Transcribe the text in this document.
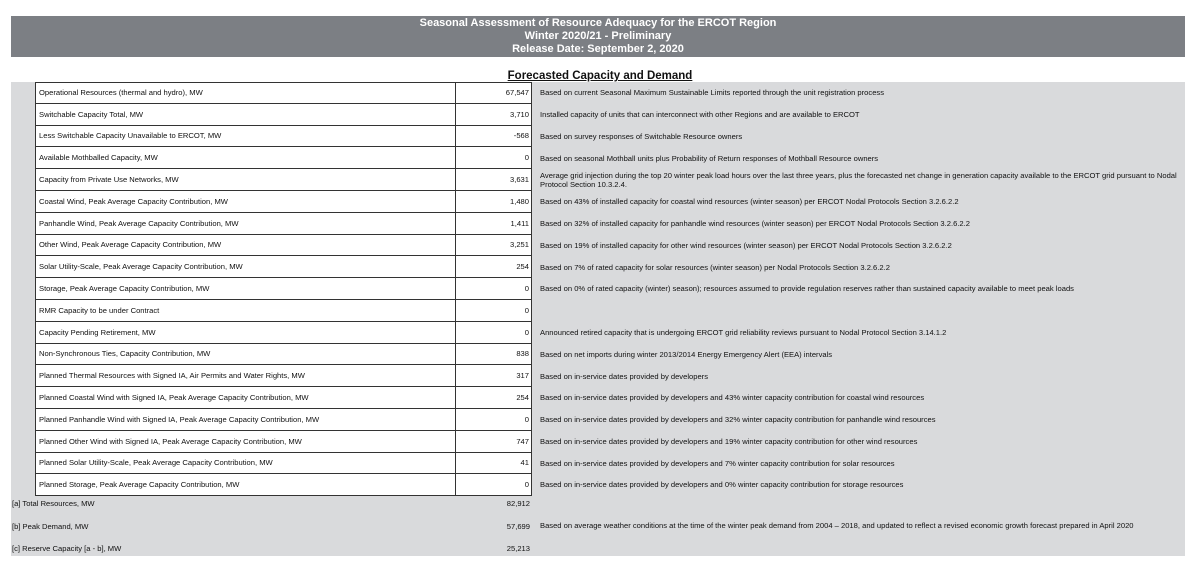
Seasonal Assessment of Resource Adequacy for the ERCOT Region
Winter 2020/21 - Preliminary
Release Date: September 2, 2020
Forecasted Capacity and Demand
Operational Resources (thermal and hydro), MW	67,547	Based on current Seasonal Maximum Sustainable Limits reported through the unit registration process
Switchable Capacity Total, MW	3,710	Installed capacity of units that can interconnect with other Regions and are available to ERCOT
Less Switchable Capacity Unavailable to ERCOT, MW	-568	Based on survey responses of Switchable Resource owners
Available Mothballed Capacity, MW	0	Based on seasonal Mothball units plus Probability of Return responses of Mothball Resource owners
Capacity from Private Use Networks, MW	3,631	Average grid injection during the top 20 winter peak load hours over the last three years, plus the forecasted net change in generation capacity available to the ERCOT grid pursuant to Nodal Protocol Section 10.3.2.4.
Coastal Wind, Peak Average Capacity Contribution, MW	1,480	Based on 43% of installed capacity for coastal wind resources (winter season) per ERCOT Nodal Protocols Section 3.2.6.2.2
Panhandle Wind, Peak Average Capacity Contribution, MW	1,411	Based on 32% of installed capacity for panhandle wind resources (winter season) per ERCOT Nodal Protocols Section 3.2.6.2.2
Other Wind, Peak Average Capacity Contribution, MW	3,251	Based on 19% of installed capacity for other wind resources (winter season) per ERCOT Nodal Protocols Section 3.2.6.2.2
Solar Utility-Scale, Peak Average Capacity Contribution, MW	254	Based on 7% of rated capacity for solar resources (winter season) per Nodal Protocols Section 3.2.6.2.2
Storage, Peak Average Capacity Contribution, MW	0	Based on 0% of rated capacity (winter) season); resources assumed to provide regulation reserves rather than sustained capacity available to meet peak loads
RMR Capacity to be under Contract	0
Capacity Pending Retirement, MW	0	Announced retired capacity that is undergoing ERCOT grid reliability reviews pursuant to Nodal Protocol Section 3.14.1.2
Non-Synchronous Ties, Capacity Contribution, MW	838	Based on net imports during winter 2013/2014 Energy Emergency Alert (EEA) intervals
Planned Thermal Resources with Signed IA, Air Permits and Water Rights, MW	317	Based on in-service dates provided by developers
Planned Coastal Wind with Signed IA, Peak Average Capacity Contribution, MW	254	Based on in-service dates provided by developers and 43% winter capacity contribution for coastal wind resources
Planned Panhandle Wind with Signed IA, Peak Average Capacity Contribution, MW	0	Based on in-service dates provided by developers and 32% winter capacity contribution for panhandle wind resources
Planned Other Wind with Signed IA, Peak Average Capacity Contribution, MW	747	Based on in-service dates provided by developers and 19% winter capacity contribution for other wind resources
Planned Solar Utility-Scale, Peak Average Capacity Contribution, MW	41	Based on in-service dates provided by developers and 7% winter capacity contribution for solar resources
Planned Storage, Peak Average Capacity Contribution, MW	0	Based on in-service dates provided by developers and 0% winter capacity contribution for storage resources
[a] Total Resources, MW	82,912
[b] Peak Demand, MW	57,699	Based on average weather conditions at the time of the winter peak demand from 2004 – 2018, and updated to reflect a revised economic growth forecast prepared in April 2020
[c] Reserve Capacity [a - b], MW	25,213
